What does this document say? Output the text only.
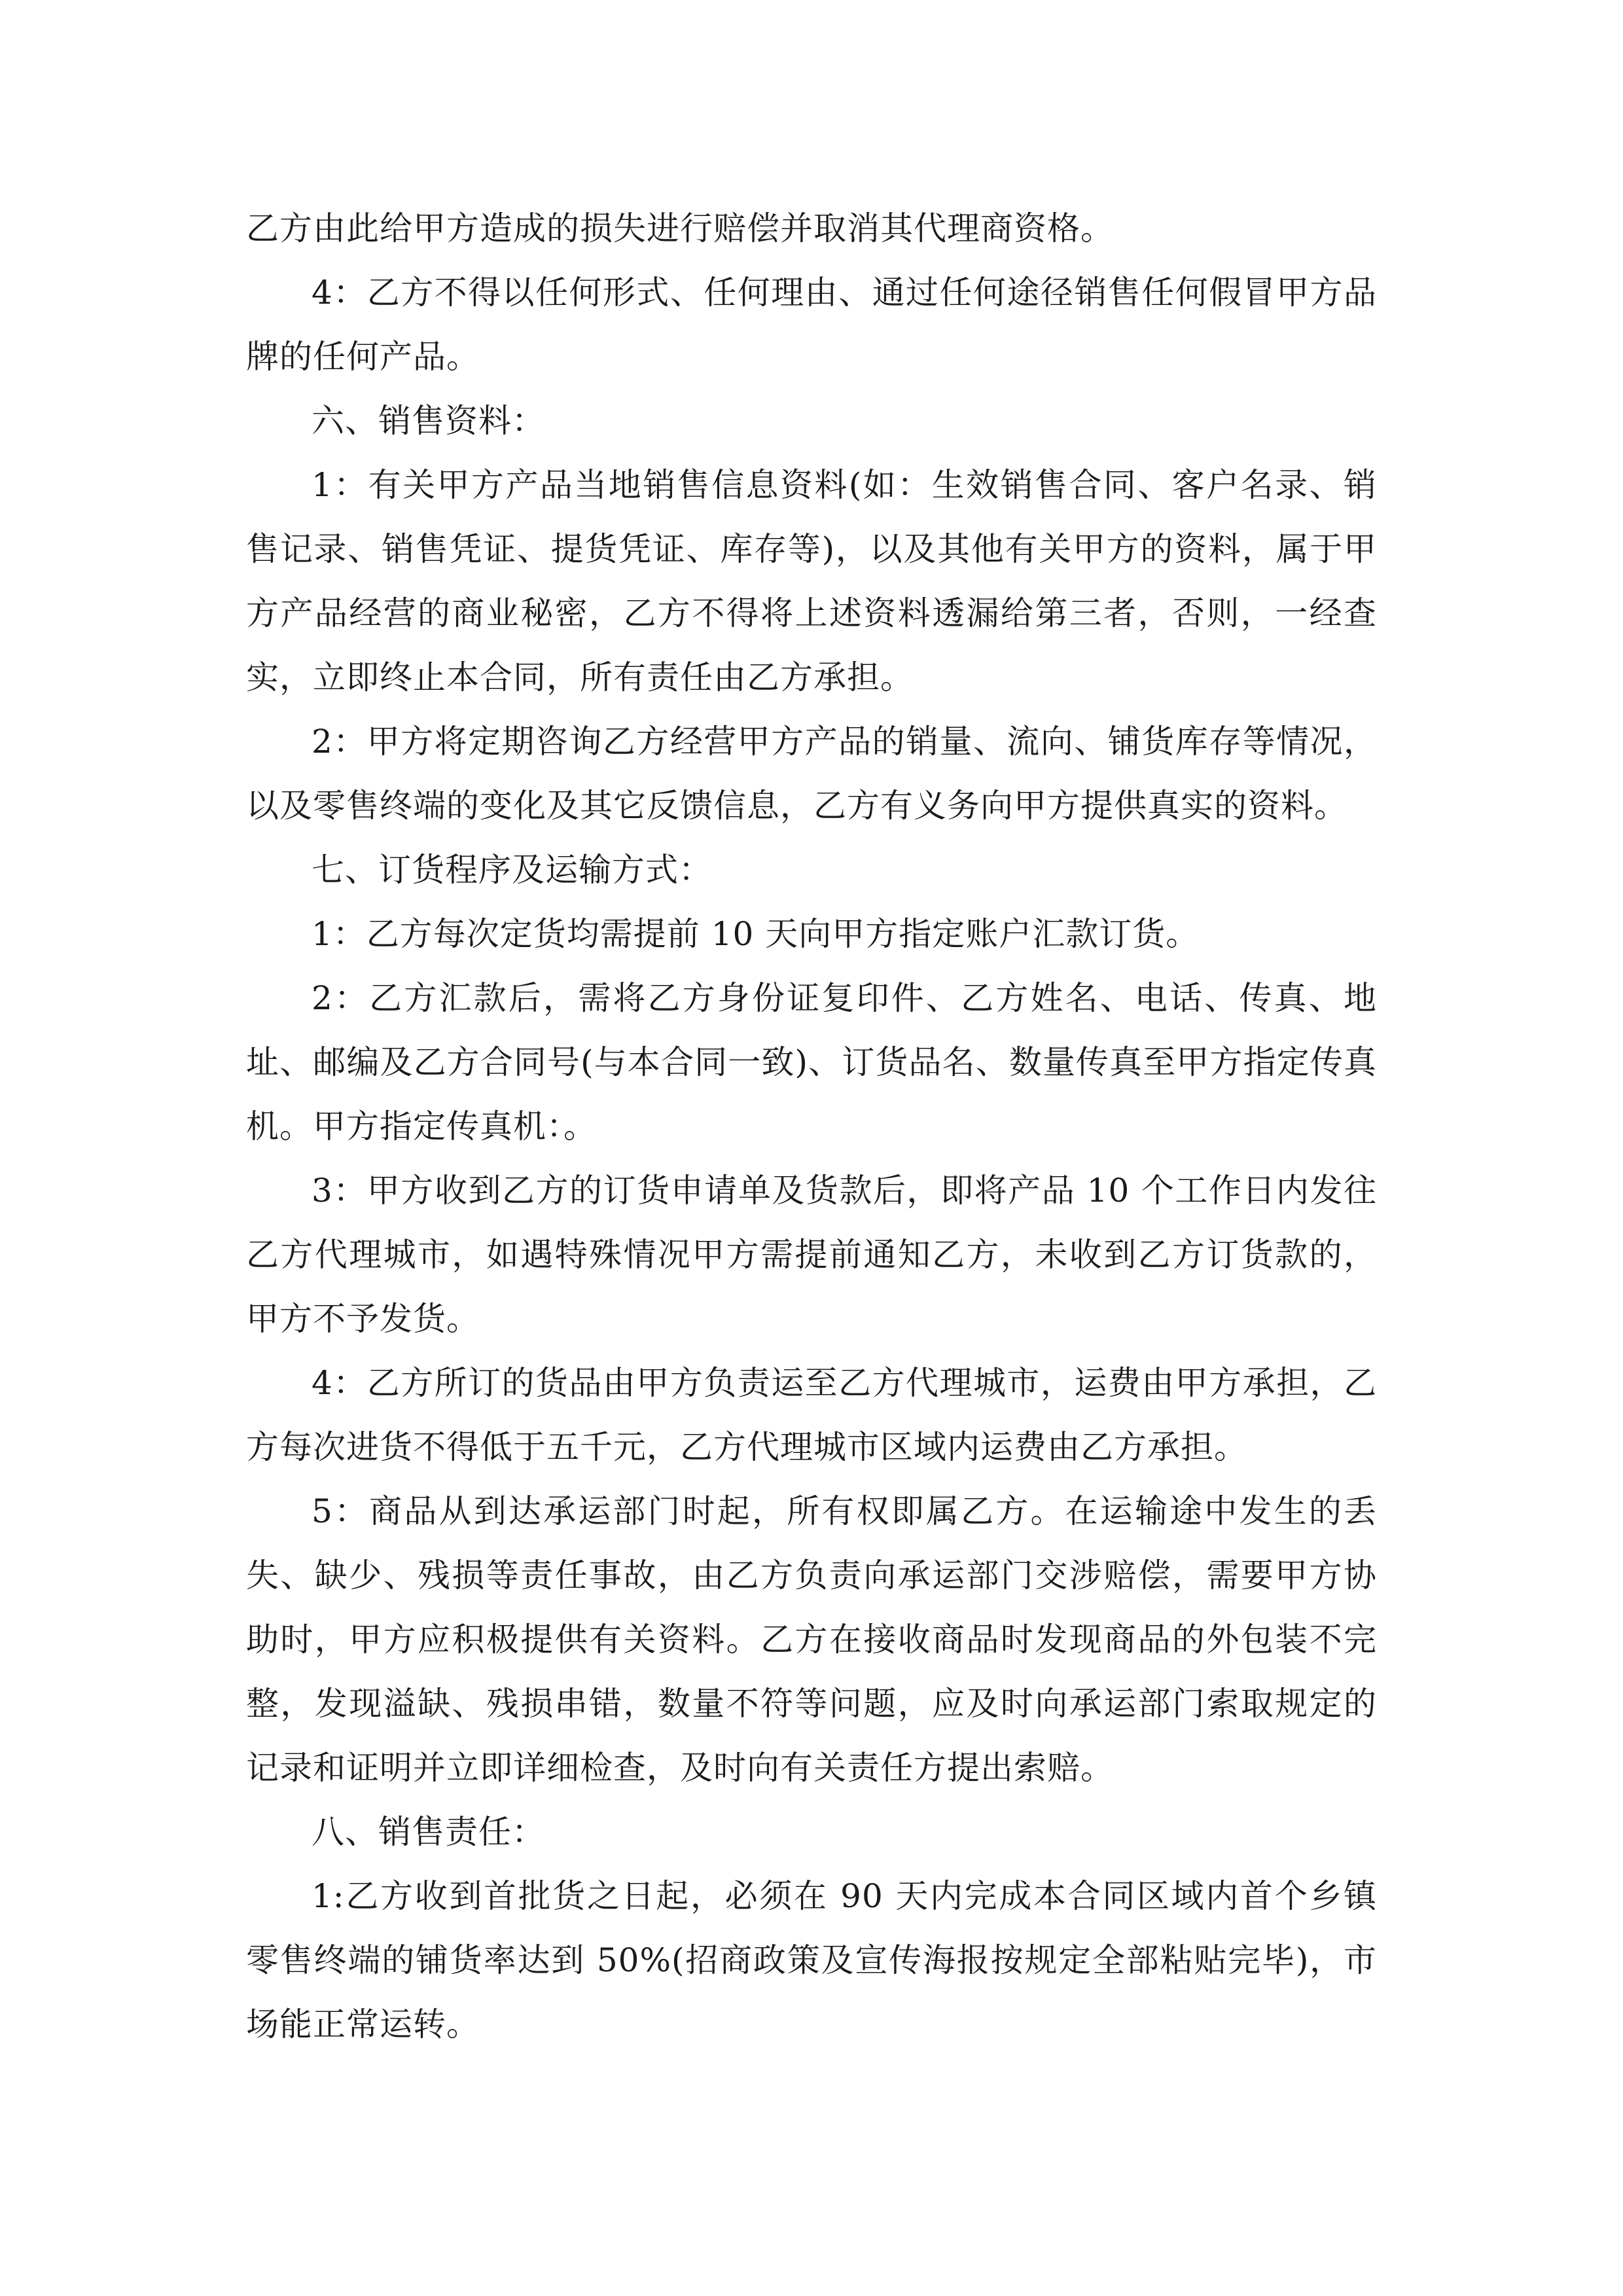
乙方由此给甲方造成的损失进行赔偿并取消其代理商资格。

4：乙方不得以任何形式、任何理由、通过任何途径销售任何假冒甲方品牌的任何产品。

六、销售资料：

1：有关甲方产品当地销售信息资料(如：生效销售合同、客户名录、销售记录、销售凭证、提货凭证、库存等)，以及其他有关甲方的资料，属于甲方产品经营的商业秘密，乙方不得将上述资料透漏给第三者，否则，一经查实，立即终止本合同，所有责任由乙方承担。

2：甲方将定期咨询乙方经营甲方产品的销量、流向、铺货库存等情况，以及零售终端的变化及其它反馈信息，乙方有义务向甲方提供真实的资料。

七、订货程序及运输方式：

1：乙方每次定货均需提前 10 天向甲方指定账户汇款订货。

2：乙方汇款后，需将乙方身份证复印件、乙方姓名、电话、传真、地址、邮编及乙方合同号(与本合同一致)、订货品名、数量传真至甲方指定传真机。甲方指定传真机：。

3：甲方收到乙方的订货申请单及货款后，即将产品 10 个工作日内发往乙方代理城市，如遇特殊情况甲方需提前通知乙方，未收到乙方订货款的，甲方不予发货。

4：乙方所订的货品由甲方负责运至乙方代理城市，运费由甲方承担，乙方每次进货不得低于五千元，乙方代理城市区域内运费由乙方承担。

5：商品从到达承运部门时起，所有权即属乙方。在运输途中发生的丢失、缺少、残损等责任事故，由乙方负责向承运部门交涉赔偿，需要甲方协助时，甲方应积极提供有关资料。乙方在接收商品时发现商品的外包装不完整，发现溢缺、残损串错，数量不符等问题，应及时向承运部门索取规定的记录和证明并立即详细检查，及时向有关责任方提出索赔。

八、销售责任：

1:乙方收到首批货之日起，必须在 90 天内完成本合同区域内首个乡镇零售终端的铺货率达到 50%(招商政策及宣传海报按规定全部粘贴完毕)，市场能正常运转。
